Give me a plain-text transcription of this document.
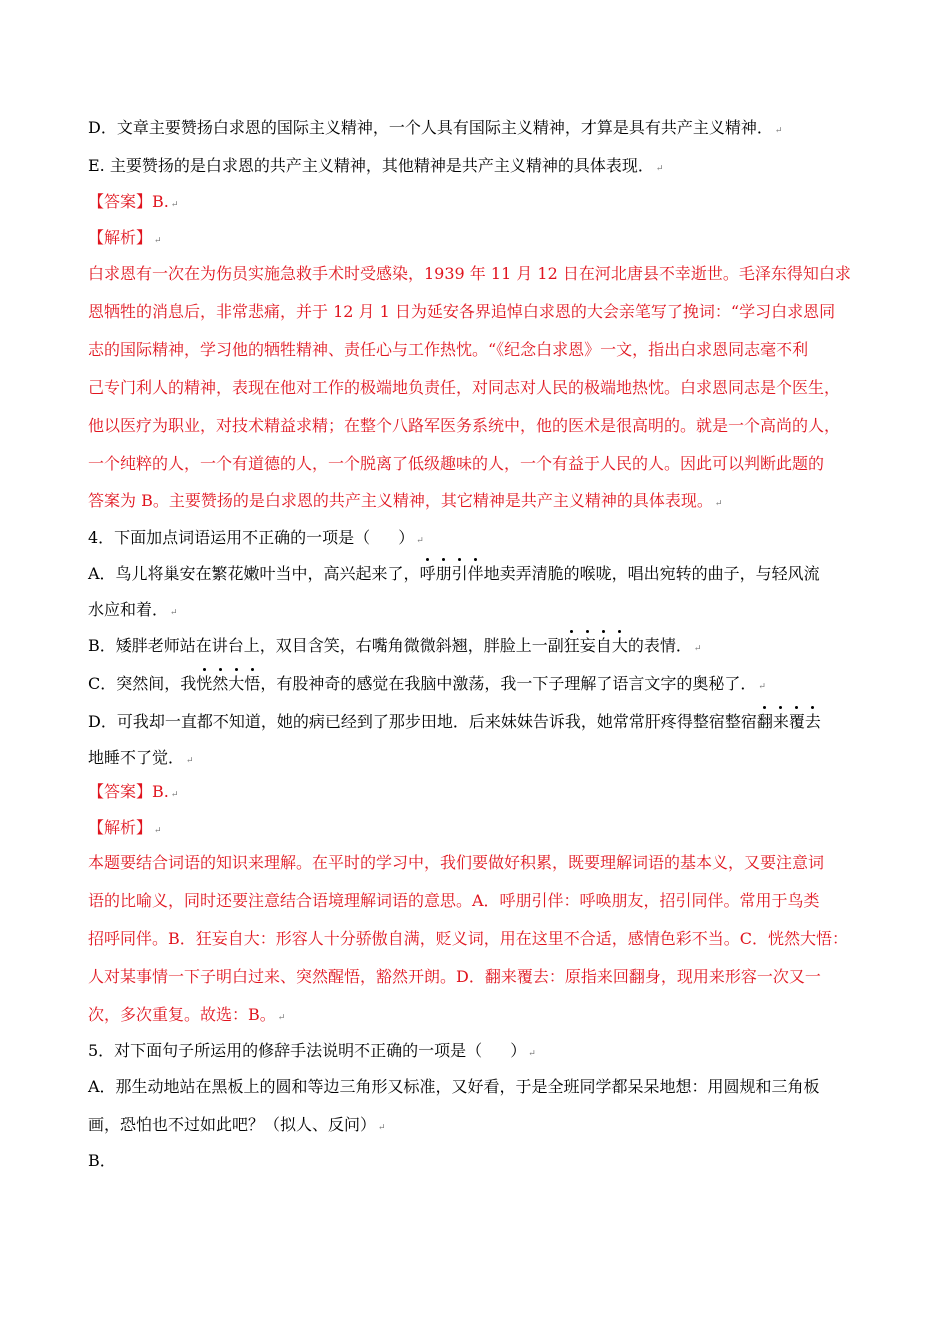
D．文章主要赞扬白求恩的国际主义精神，一个人具有国际主义精神，才算是具有共产主义精神． ↵
E. 主要赞扬的是白求恩的共产主义精神，其他精神是共产主义精神的具体表现． ↵
【答案】B. ↵
【解析】 ↵
白求恩有一次在为伤员实施急救手术时受感染，1939 年 11 月 12 日在河北唐县不幸逝世。毛泽东得知白求
恩牺牲的消息后，非常悲痛，并于 12 月 1 日为延安各界追悼白求恩的大会亲笔写了挽词：“学习白求恩同
志的国际精神，学习他的牺牲精神、责任心与工作热忱。“《纪念白求恩》一文，指出白求恩同志毫不利
己专门利人的精神，表现在他对工作的极端地负责任，对同志对人民的极端地热忱。白求恩同志是个医生，
他以医疗为职业，对技术精益求精；在整个八路军医务系统中，他的医术是很高明的。就是一个高尚的人，
一个纯粹的人，一个有道德的人，一个脱离了低级趣味的人，一个有益于人民的人。因此可以判断此题的
答案为 B。主要赞扬的是白求恩的共产主义精神，其它精神是共产主义精神的具体表现。 ↵
4．下面加点词语运用不正确的一项是（ ） ↵
A．鸟儿将巢安在繁花嫩叶当中，高兴起来了，呼朋引伴地卖弄清脆的喉咙，唱出宛转的曲子，与轻风流
水应和着． ↵
B．矮胖老师站在讲台上，双目含笑，右嘴角微微斜翘，胖脸上一副狂妄自大的表情． ↵
C．突然间，我恍然大悟，有股神奇的感觉在我脑中激荡，我一下子理解了语言文字的奥秘了． ↵
D．可我却一直都不知道，她的病已经到了那步田地．后来妹妹告诉我，她常常肝疼得整宿整宿翻来覆去
地睡不了觉． ↵
【答案】B. ↵
【解析】 ↵
本题要结合词语的知识来理解。在平时的学习中，我们要做好积累，既要理解词语的基本义，又要注意词
语的比喻义，同时还要注意结合语境理解词语的意思。A．呼朋引伴：呼唤朋友，招引同伴。常用于鸟类
招呼同伴。B．狂妄自大：形容人十分骄傲自满，贬义词，用在这里不合适，感情色彩不当。C．恍然大悟：
人对某事情一下子明白过来、突然醒悟，豁然开朗。D．翻来覆去：原指来回翻身，现用来形容一次又一
次，多次重复。故选：B。 ↵
5．对下面句子所运用的修辞手法说明不正确的一项是（ ） ↵
A．那生动地站在黑板上的圆和等边三角形又标准，又好看，于是全班同学都呆呆地想：用圆规和三角板
画，恐怕也不过如此吧？（拟人、反问） ↵
B．
